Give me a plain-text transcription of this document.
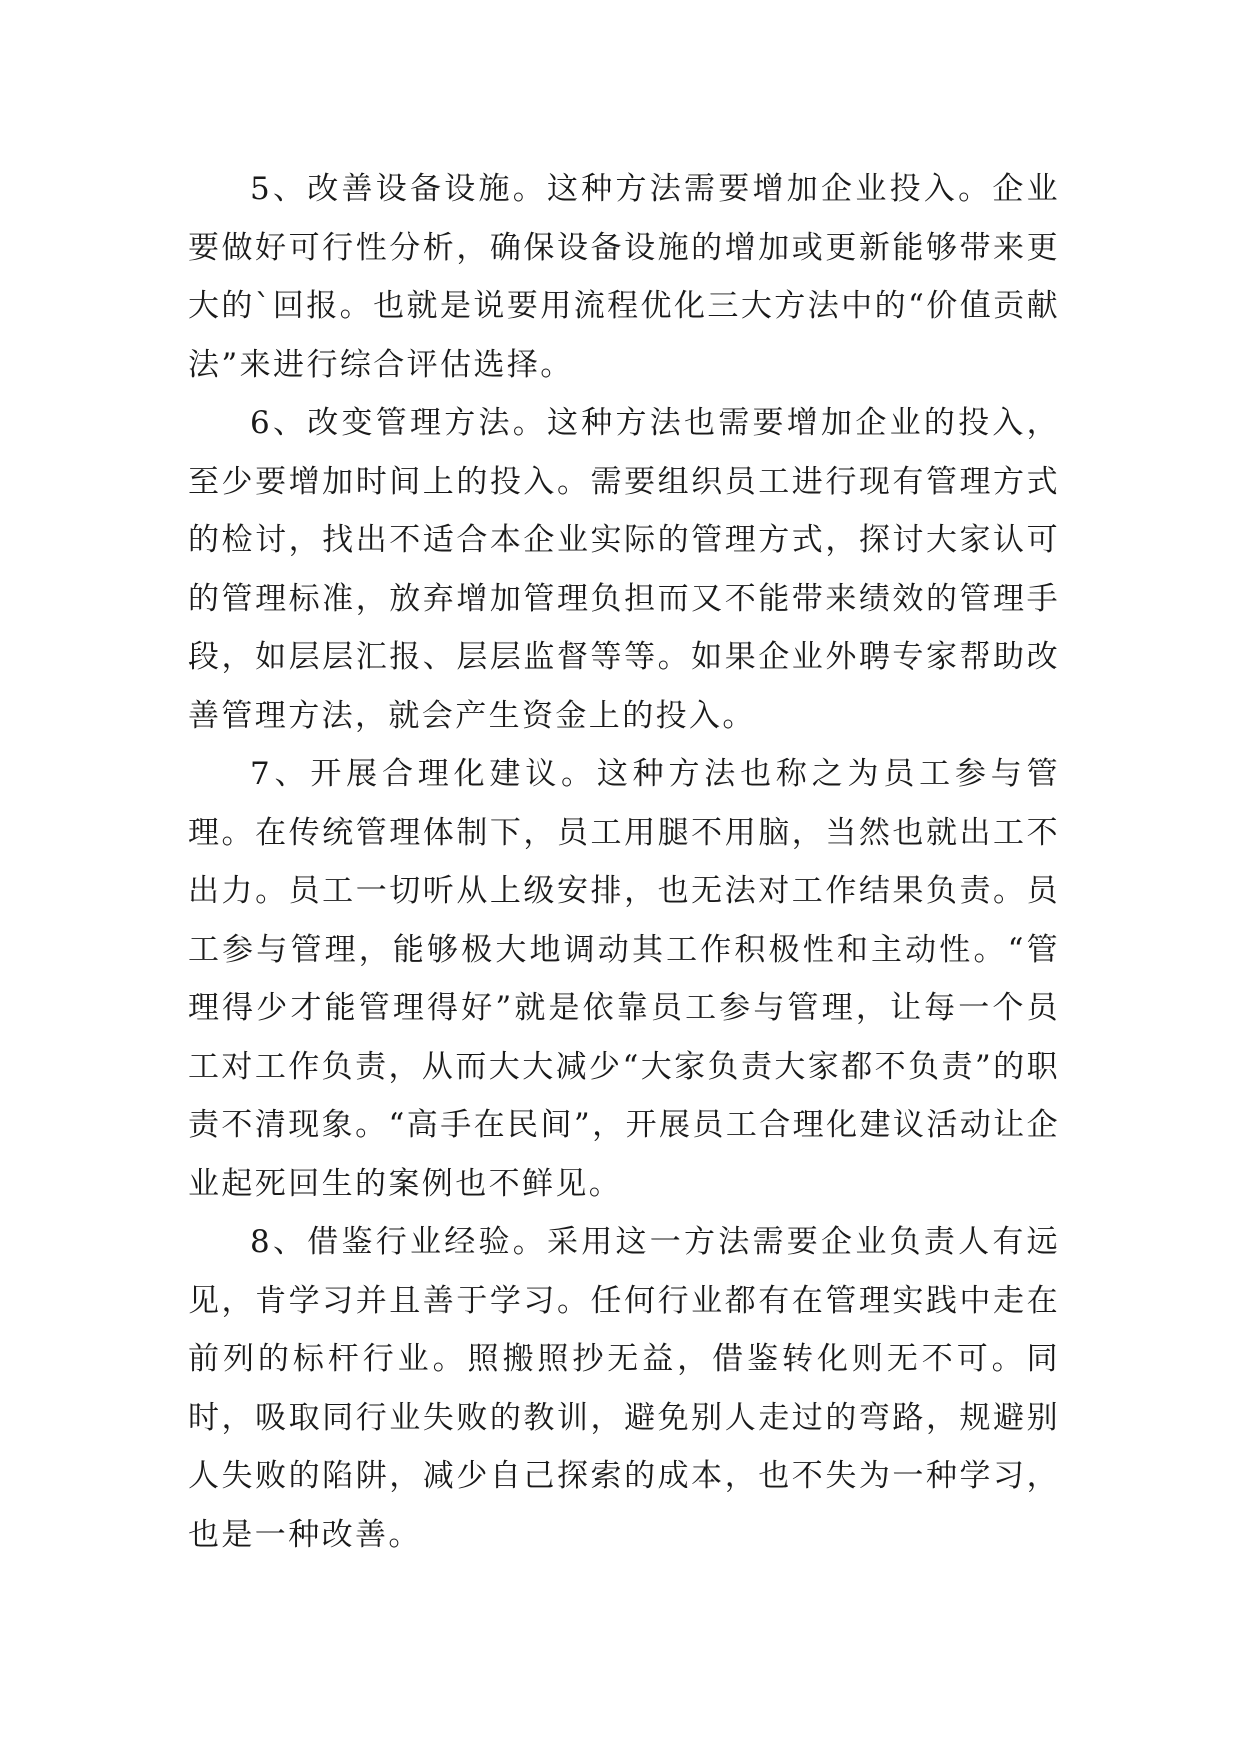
5、改善设备设施。这种方法需要增加企业投入。企业要做好可行性分析，确保设备设施的增加或更新能够带来更大的`回报。也就是说要用流程优化三大方法中的“价值贡献法”来进行综合评估选择。

6、改变管理方法。这种方法也需要增加企业的投入，至少要增加时间上的投入。需要组织员工进行现有管理方式的检讨，找出不适合本企业实际的管理方式，探讨大家认可的管理标准，放弃增加管理负担而又不能带来绩效的管理手段，如层层汇报、层层监督等等。如果企业外聘专家帮助改善管理方法，就会产生资金上的投入。

7、开展合理化建议。这种方法也称之为员工参与管理。在传统管理体制下，员工用腿不用脑，当然也就出工不出力。员工一切听从上级安排，也无法对工作结果负责。员工参与管理，能够极大地调动其工作积极性和主动性。“管理得少才能管理得好”就是依靠员工参与管理，让每一个员工对工作负责，从而大大减少“大家负责大家都不负责”的职责不清现象。“高手在民间”，开展员工合理化建议活动让企业起死回生的案例也不鲜见。

8、借鉴行业经验。采用这一方法需要企业负责人有远见，肯学习并且善于学习。任何行业都有在管理实践中走在前列的标杆行业。照搬照抄无益，借鉴转化则无不可。同时，吸取同行业失败的教训，避免别人走过的弯路，规避别人失败的陷阱，减少自己探索的成本，也不失为一种学习，也是一种改善。
